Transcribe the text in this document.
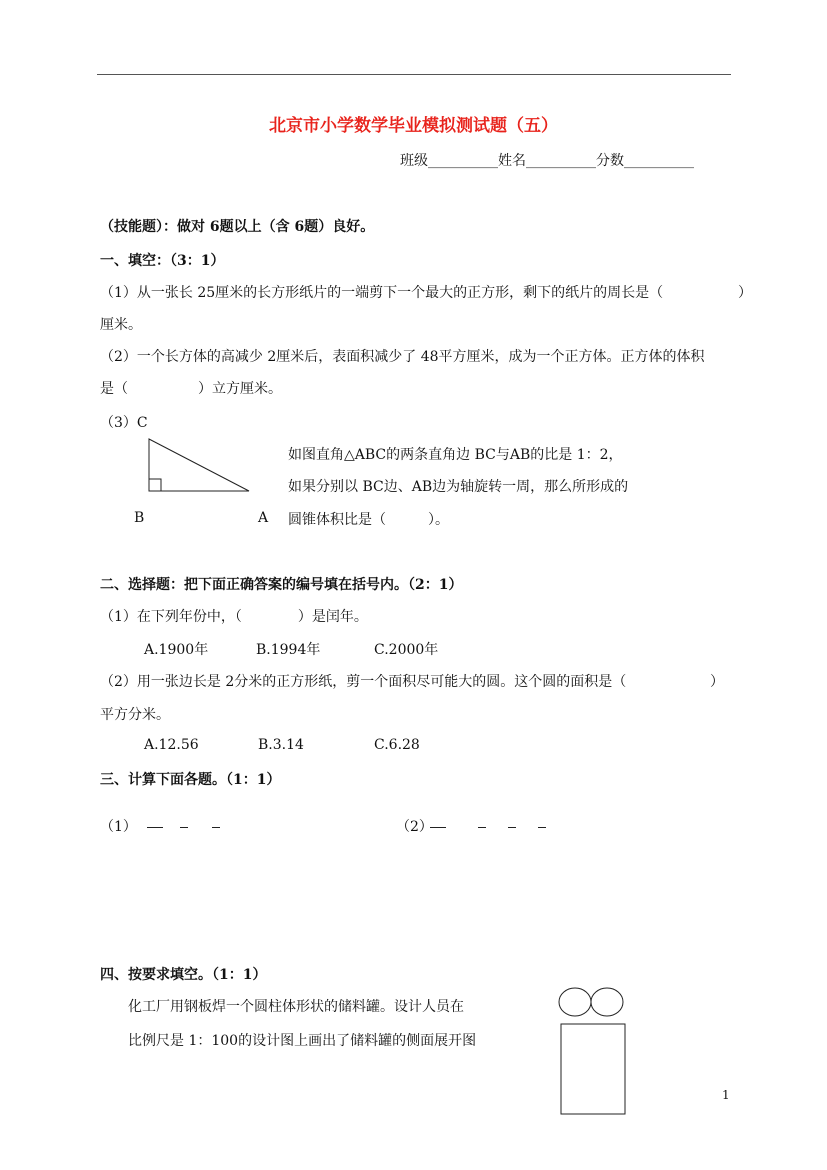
北京市小学数学毕业模拟测试题（五）
班级__________姓名__________分数__________
（技能题）：做对 6题以上（含 6题）良好。
一、填空：（3：1）
（1）从一张长 25厘米的长方形纸片的一端剪下一个最大的正方形，剩下的纸片的周长是（	）
厘米。
（2）一个长方体的高减少 2厘米后，表面积减少了 48平方厘米，成为一个正方体。正方体的体积
是（　　　　　）立方厘米。
（3）C
B	A
如图直角△ABC的两条直角边 BC与AB的比是 1：2，
如果分别以 BC边、AB边为轴旋转一周，那么所形成的
圆锥体积比是（　　　）。
二、选择题：把下面正确答案的编号填在括号内。（2：1）
（1）在下列年份中，（　　　　）是闰年。
A.1900年	B.1994年	C.2000年
（2）用一张边长是 2分米的正方形纸，剪一个面积尽可能大的圆。这个圆的面积是（	）
平方分米。
A.12.56	B.3.14	C.6.28
三、计算下面各题。（1：1）
（1）	（2）
四、按要求填空。（1：1）
化工厂用钢板焊一个圆柱体形状的储料罐。设计人员在
比例尺是 1：100的设计图上画出了储料罐的侧面展开图
1
